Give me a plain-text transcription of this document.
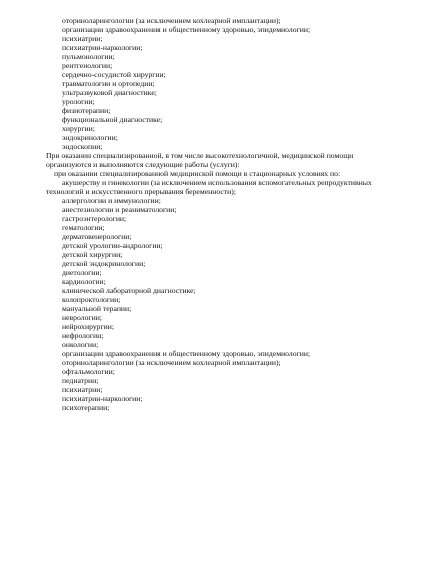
оториноларингологии (за исключением кохлеарной имплантации);
организации здравоохранения и общественному здоровью, эпидемиологии;
психиатрии;
психиатрии-наркологии;
пульмонологии;
рентгенологии;
сердечно-сосудистой хирургии;
травматологии и ортопедии;
ультразвуковой диагностике;
урологии;
физиотерапии;
функциональной диагностике;
хирургии;
эндокринологии;
эндоскопии;
При оказании специализированной, в том числе высокотехнологичной, медицинской помощи
организуются и выполняются следующие работы (услуги):
при оказании специализированной медицинской помощи в стационарных условиях по:
акушерству и гинекологии (за исключением использования вспомогательных репродуктивных
технологий и искусственного прерывания беременности);
аллергологии и иммунологии;
анестезиологии и реаниматологии;
гастроэнтерологии;
гематологии;
дерматовенерологии;
детской урологии-андрологии;
детской хирургии;
детской эндокринологии;
диетологии;
кардиологии;
клинической лабораторной диагностике;
колопроктологии;
мануальной терапии;
неврологии;
нейрохирургии;
нефрологии;
онкологии;
организации здравоохранения и общественному здоровью, эпидемиологии;
оториноларингологии (за исключением кохлеарной имплантации);
офтальмологии;
педиатрии;
психиатрии;
психиатрии-наркологии;
психотерапии;
